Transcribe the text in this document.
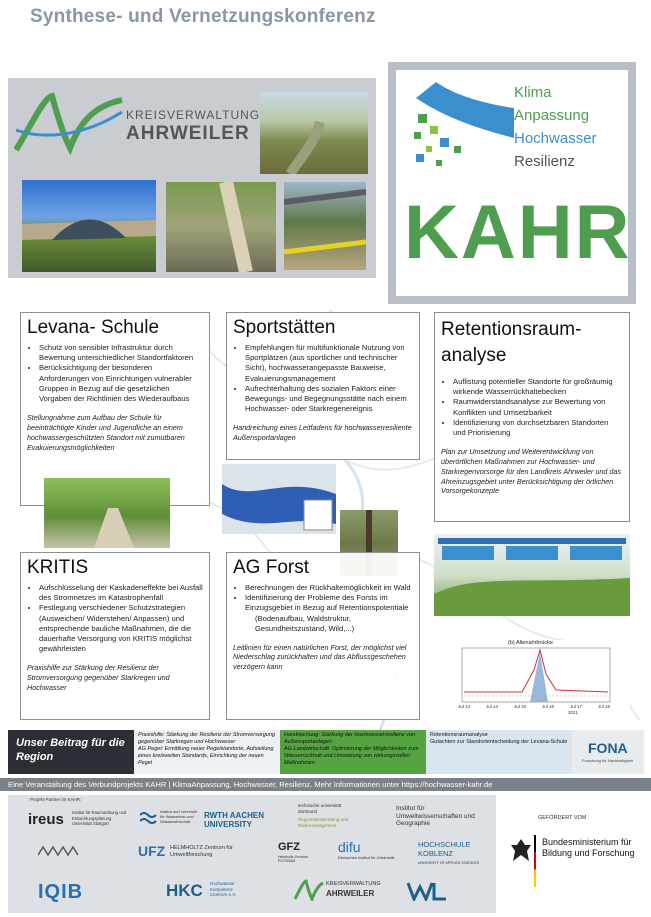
Synthese- und Vernetzungskonferenz
KREISVERWALTUNG
AHRWEILER
Klima
Anpassung
Hochwasser
Resilienz
KAHR
Levana- Schule
• Schutz von sensibler Infrastruktur durch Bewertung unterschiedlicher Standortfaktoren
• Berücksichtigung der besonderen Anforderungen von Einrichtungen vulnerabler Gruppen in Bezug auf die gesetzlichen Vorgaben der Richtlinien des Wiederaufbaus

Stellungnahme zum Aufbau der Schule für beeinträchtigte Kinder und Jugendliche an einem hochwassergeschützten Standort mit zumutbaren Evakuierungsmöglichkeiten

Sportstätten
• Empfehlungen für multifunktionale Nutzung von Sportplätzen (aus sportlicher und technischer Sicht), hochwasserangepasste Bauweise, Evakuierungsmanagement
• Aufrechterhaltung des sozialen Faktors einer Bewegungs- und Begegnungsstätte nach einem Hochwasser- oder Starkregenereignis

Handreichung eines Leitfadens für hochwasserresiliente Außensportanlagen

Retentionsraum-analyse
• Auflistung potentieller Standorte für großräumig wirkende Wasserrückhaltebecken
• Raumwiderstandsanalyse zur Bewertung von Konflikten und Umsetzbarkeit
• Identifizierung von durchsetzbaren Standorten und Priorisierung

Plan zur Umsetzung und Weiterentwicklung von überörtlichen Maßnahmen zur Hochwasser- und Starkregenvorsorge für den Landkreis Ahrweiler und das Ahreinzugsgebiet unter Berücksichtigung der örtlichen Vorsorgekonzepte

(b) Altenahrbrücke
Jul 13	Jul 14	Jul 15	Jul 16	Jul 17	Jul 18
2021
KRITIS
• Aufschlüsselung der Kaskadeneffekte bei Ausfall des Stromnetzes im Katastrophenfall
• Festlegung verschiedener Schutzstrategien (Ausweichen/ Widerstehen/ Anpassen) und entsprechende bauliche Maßnahmen, die die dauerhafte Versorgung von KRITIS möglichst gewährleisten

Praxishilfe zur Stärkung der Resilienz der Stromversorgung gegenüber Starkregen und Hochwasser

AG Forst
• Berechnungen der Rückhaltemöglichkeit im Wald
• Identifizierung der Probleme des Forsts im Einzugsgebiet in Bezug auf Retentionspotentiale
(Bodenaufbau, Waldstruktur, Gesundheitszustand, Wild,...)

Leitlinien für einen natürlichen Forst, der möglichst viel Niederschlag zurückhalten und das Abflussgeschehen verzögern kann

Unser Beitrag für die Region
Praxishilfe: Stärkung der Resilienz der Stromversorgung gegenüber Starkregen und Hochwasser
AG Pegel: Ermittlung neuer Pegelstandorte, Aufstellung eines kreisweiten Standards, Einrichtung der neuen Pegel
Handreichung: Stärkung der Hochwasserresilienz von Außensportanlagen
AG Landwirtschaft: Optimierung der Möglichkeiten zum Wasserrückhalt und Umsetzung von wirkungsvollen Maßnahmen
Retentionsraumanalyse
Gutachten zur Standortentscheidung der Levana-Schule	FONA
Forschung für Nachhaltigkeit
Eine Veranstaltung des Verbundprojekts KAHR | KlimaAnpassung, Hochwasser, Resilienz. Mehr Informationen unter https://hochwasser-kahr.de
Projekt-Partner im KAHR:
ireus Institut für Raumordnung und Entwicklungsplanung Universität Stuttgart
Institut und Lehrstuhl für Wasserbau und Wasserwirtschaft
RWTH AACHEN UNIVERSITY
technische universität dortmund
Regionalentwicklung und Risikomanagement
Institut für Umweltwissenschaften und Geographie
UFZ HELMHOLTZ Zentrum für Umweltforschung
GFZ
Helmholtz-Zentrum POTSDAM
difu
Deutsches Institut für Urbanistik
HOCHSCHULE KOBLENZ
UNIVERSITY OF APPLIED SCIENCES
IQIB	HKC Hochwasser Kompetenz Centrum e.V.
KREISVERWALTUNG
AHRWEILER
GEFÖRDERT VOM
Bundesministerium für Bildung und Forschung
